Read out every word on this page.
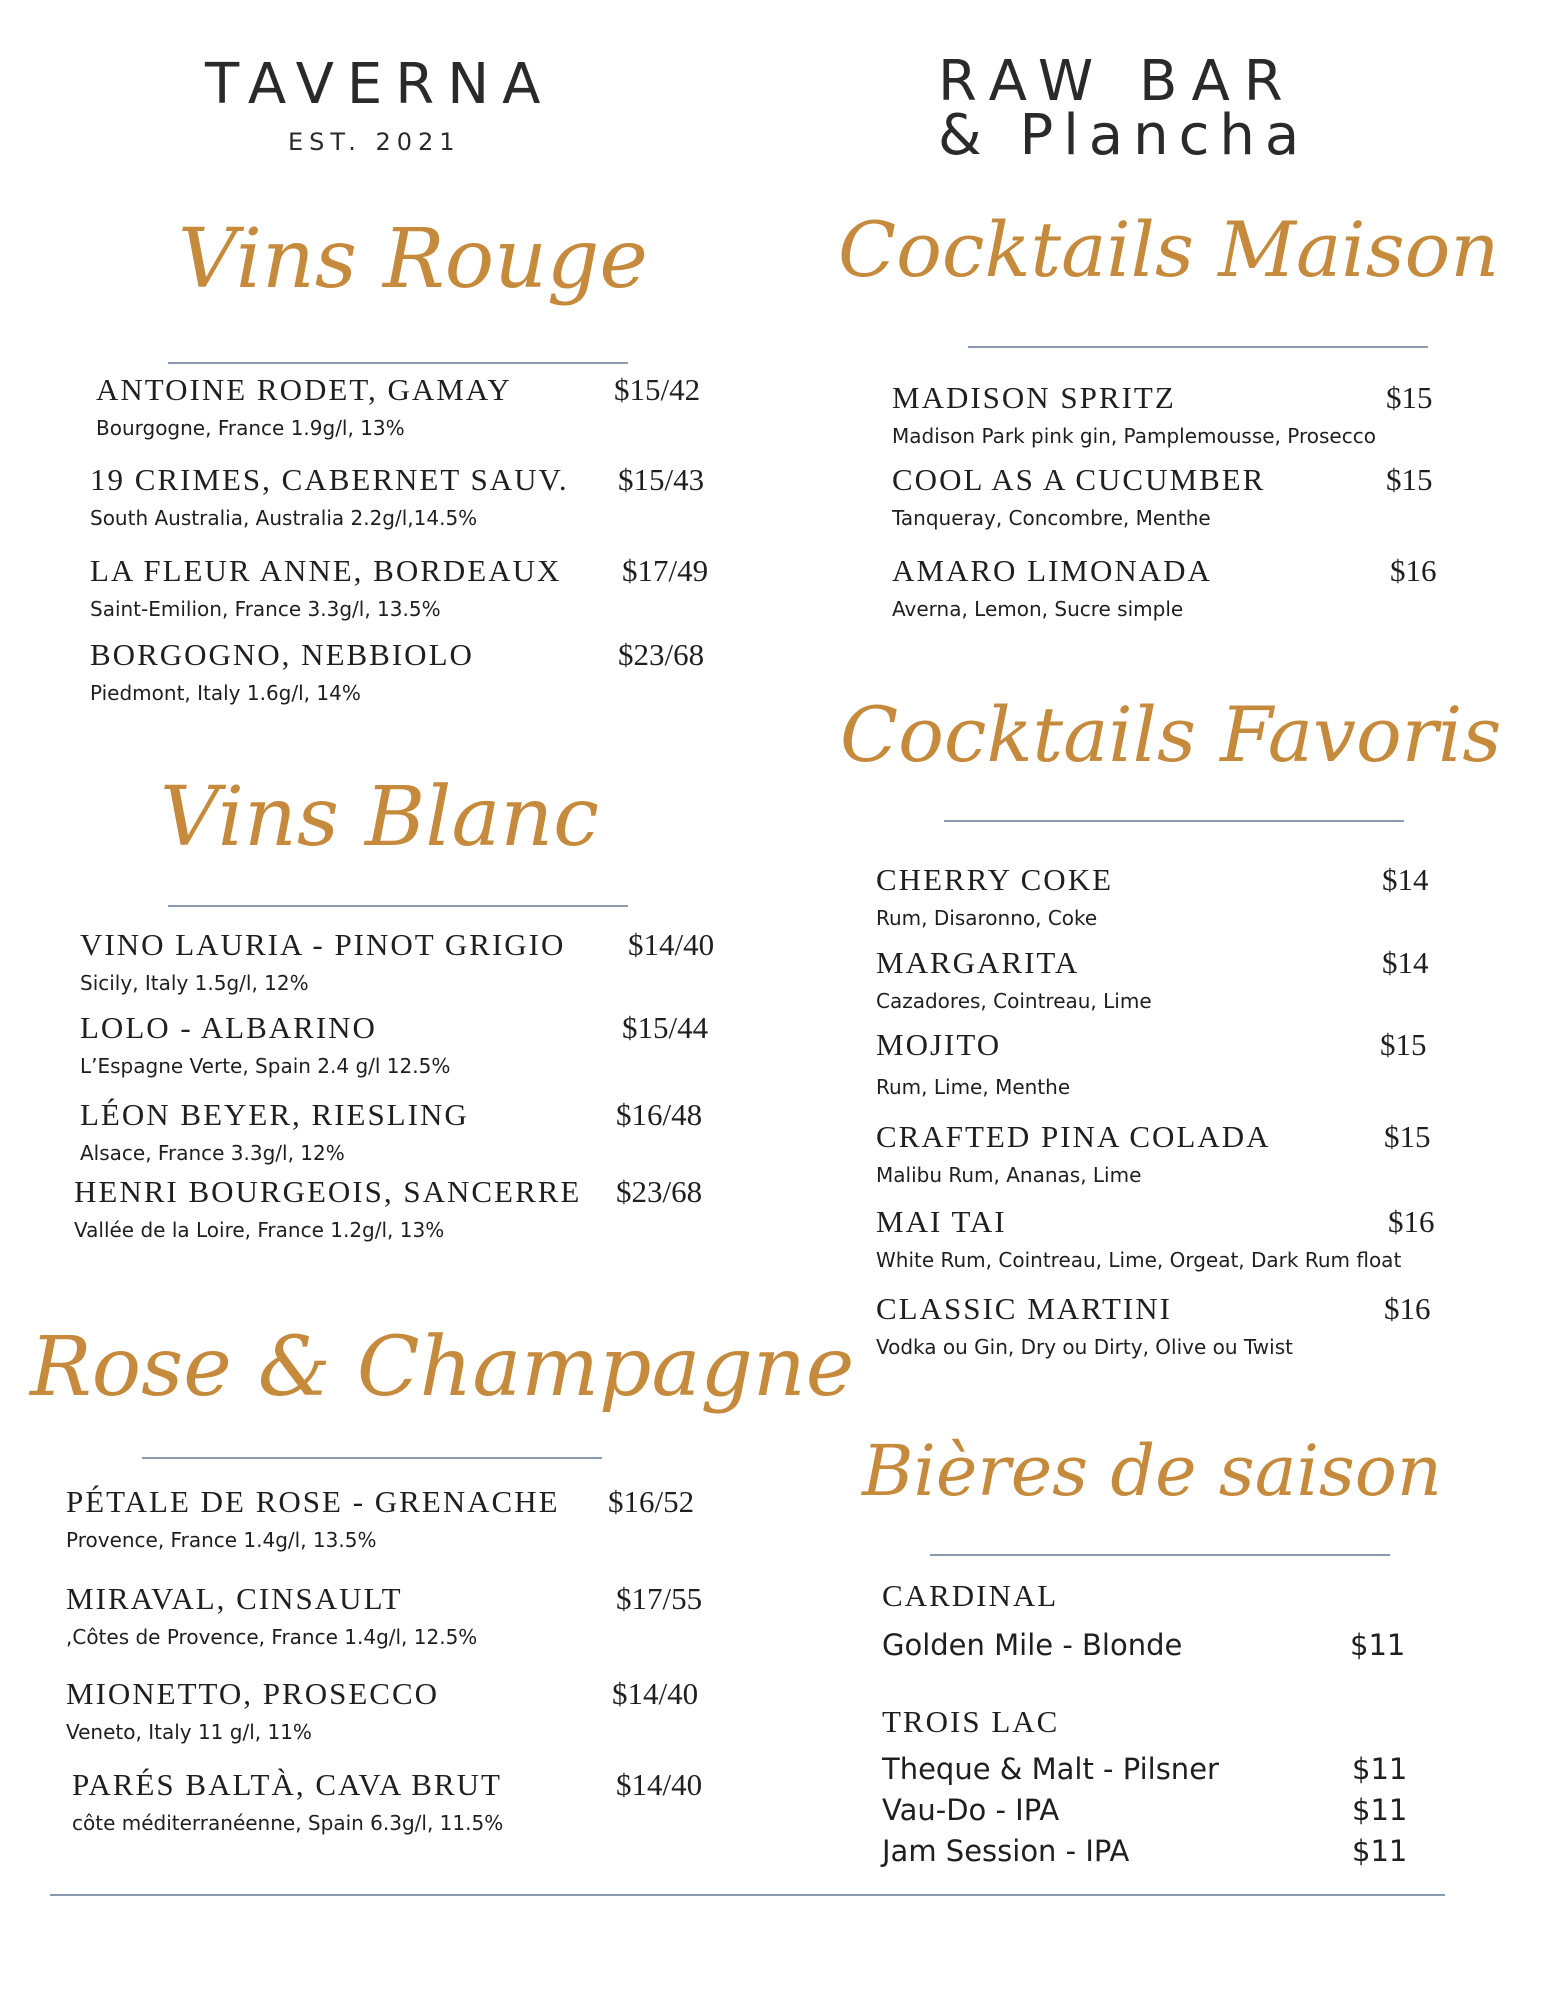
TAVERNA
EST. 2021
RAW BAR
& Plancha
Vins Rouge
ANTOINE RODET, GAMAY	$15/42
Bourgogne, France 1.9g/l, 13%
19 CRIMES, CABERNET SAUV. $15/43
South Australia, Australia 2.2g/l,14.5%
LA FLEUR ANNE, BORDEAUX $17/49
Saint-Emilion, France 3.3g/l, 13.5%
BORGOGNO, NEBBIOLO	$23/68
Piedmont, Italy 1.6g/l, 14%
Vins Blanc
VINO LAURIA - PINOT GRIGIO $14/40
Sicily, Italy 1.5g/l, 12%
LOLO - ALBARINO	$15/44
L’Espagne Verte, Spain 2.4 g/l 12.5%
LÉON BEYER, RIESLING	$16/48
Alsace, France 3.3g/l, 12%
HENRI BOURGEOIS, SANCERRE $23/68
Vallée de la Loire, France 1.2g/l, 13%
Rose & Champagne
PÉTALE DE ROSE - GRENACHE $16/52
Provence, France 1.4g/l, 13.5%
MIRAVAL, CINSAULT	$17/55
,Côtes de Provence, France 1.4g/l, 12.5%
MIONETTO, PROSECCO	$14/40
Veneto, Italy 11 g/l, 11%
PARÉS BALTÀ, CAVA BRUT	$14/40
côte méditerranéenne, Spain 6.3g/l, 11.5%
Cocktails Maison
MADISON SPRITZ	$15
Madison Park pink gin, Pamplemousse, Prosecco
COOL AS A CUCUMBER	$15
Tanqueray, Concombre, Menthe
AMARO LIMONADA	$16
Averna, Lemon, Sucre simple
Cocktails Favoris
CHERRY COKE	$14
Rum, Disaronno, Coke
MARGARITA	$14
Cazadores, Cointreau, Lime
MOJITO	$15
Rum, Lime, Menthe
CRAFTED PINA COLADA	$15
Malibu Rum, Ananas, Lime
MAI TAI	$16
White Rum, Cointreau, Lime, Orgeat, Dark Rum float
CLASSIC MARTINI	$16
Vodka ou Gin, Dry ou Dirty, Olive ou Twist
Bières de saison
CARDINAL
Golden Mile - Blonde	$11
TROIS LAC
Theque & Malt - Pilsner	$11
Vau-Do - IPA	$11
Jam Session - IPA	$11
